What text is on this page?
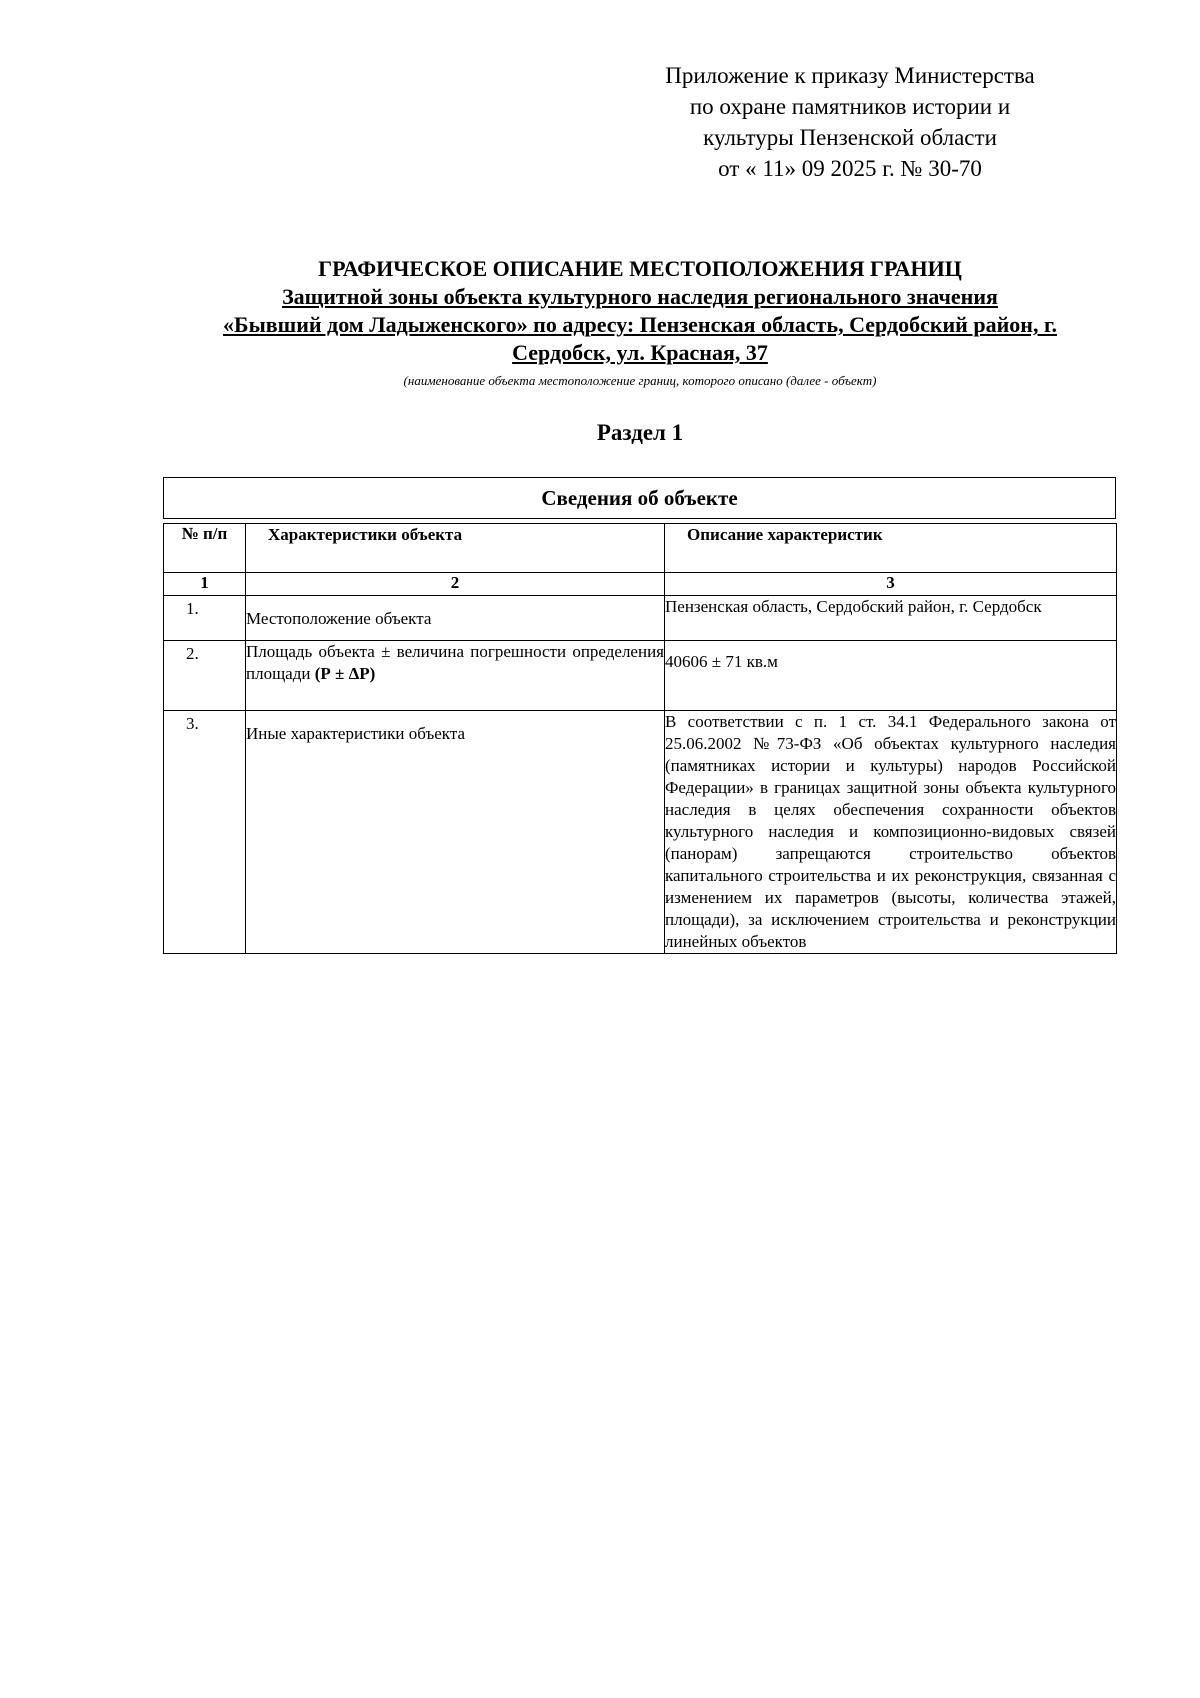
Приложение к приказу Министерства
по охране памятников истории и
культуры Пензенской области
от « 11» 09 2025 г. № 30-70
ГРАФИЧЕСКОЕ ОПИСАНИЕ МЕСТОПОЛОЖЕНИЯ ГРАНИЦ
Защитной зоны объекта культурного наследия регионального значения
«Бывший дом Ладыженского» по адресу: Пензенская область, Сердобский район, г.
Сердобск, ул. Красная, 37
(наименование объекта местоположение границ, которого описано (далее - объект)
Раздел 1
Сведения об объекте
№ п/п	Характеристики объекта	Описание характеристик
1	2	3
1.	Местоположение объекта	Пензенская область, Сердобский район, г. Сердобск
2.	Площадь объекта ± величина погрешности определения площади (Р ± ΔР)	40606 ± 71 кв.м
3.	Иные характеристики объекта	В соответствии с п. 1 ст. 34.1 Федерального закона от 25.06.2002 №73-ФЗ «Об объектах культурного наследия (памятниках истории и культуры) народов Российской Федерации» в границах защитной зоны объекта культурного наследия в целях обеспечения сохранности объектов культурного наследия и композиционно-видовых связей (панорам) запрещаются строительство объектов капитального строительства и их реконструкция, связанная с изменением их параметров (высоты, количества этажей, площади), за исключением строительства и реконструкции линейных объектов
